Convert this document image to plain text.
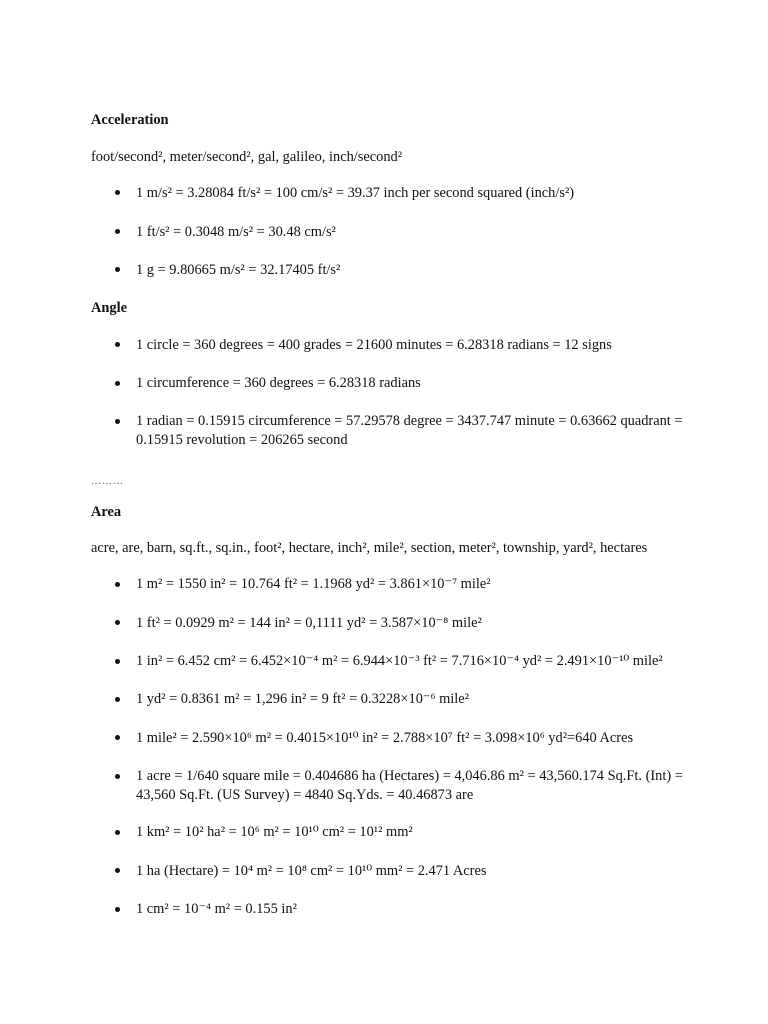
Acceleration
foot/second², meter/second², gal, galileo, inch/second²
1 m/s² = 3.28084 ft/s² = 100 cm/s² = 39.37 inch per second squared (inch/s²)
1 ft/s² = 0.3048 m/s² = 30.48 cm/s²
1 g = 9.80665 m/s² = 32.17405 ft/s²
Angle
1 circle = 360 degrees = 400 grades = 21600 minutes = 6.28318 radians = 12 signs
1 circumference = 360 degrees = 6.28318 radians
1 radian = 0.15915 circumference = 57.29578 degree = 3437.747 minute = 0.63662 quadrant = 0.15915 revolution = 206265 second
………
Area
acre, are, barn, sq.ft., sq.in., foot², hectare, inch², mile², section, meter², township, yard², hectares
1 m² = 1550 in² = 10.764 ft² = 1.1968 yd² = 3.861×10⁻⁷ mile²
1 ft² = 0.0929 m² = 144 in² = 0,1111 yd² = 3.587×10⁻⁸ mile²
1 in² = 6.452 cm² = 6.452×10⁻⁴ m² = 6.944×10⁻³ ft² = 7.716×10⁻⁴ yd² = 2.491×10⁻¹⁰ mile²
1 yd² = 0.8361 m² = 1,296 in² = 9 ft² = 0.3228×10⁻⁶ mile²
1 mile² = 2.590×10⁶ m² = 0.4015×10¹⁰ in² = 2.788×10⁷ ft² = 3.098×10⁶ yd²=640 Acres
1 acre = 1/640 square mile = 0.404686 ha (Hectares) = 4,046.86 m² = 43,560.174 Sq.Ft. (Int) = 43,560 Sq.Ft. (US Survey) = 4840 Sq.Yds. = 40.46873 are
1 km² = 10² ha² = 10⁶ m² = 10¹⁰ cm² = 10¹² mm²
1 ha (Hectare) = 10⁴ m² = 10⁸ cm² = 10¹⁰ mm² = 2.471 Acres
1 cm² = 10⁻⁴ m² = 0.155 in²
